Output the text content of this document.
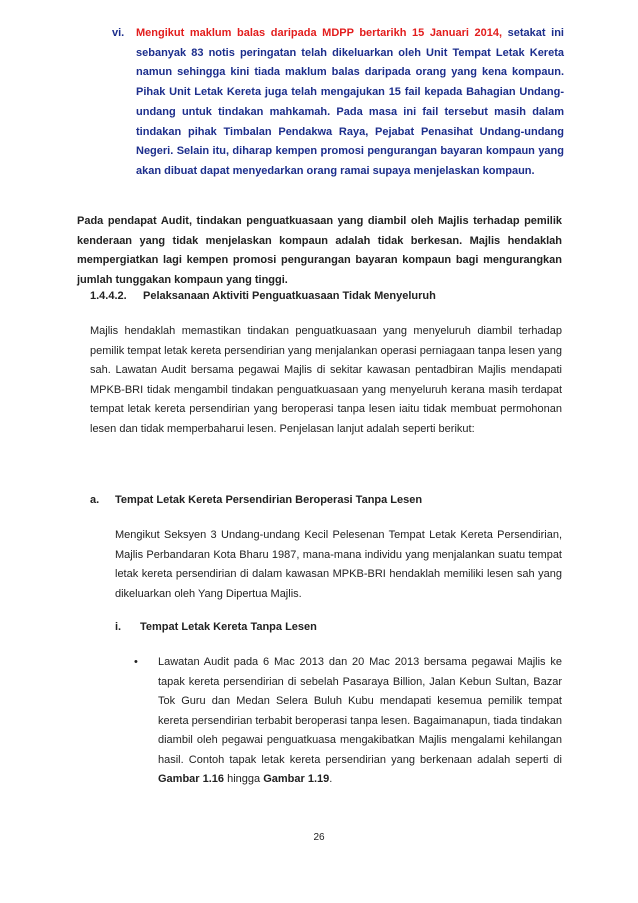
vi. Mengikut maklum balas daripada MDPP bertarikh 15 Januari 2014, setakat ini sebanyak 83 notis peringatan telah dikeluarkan oleh Unit Tempat Letak Kereta namun sehingga kini tiada maklum balas daripada orang yang kena kompaun. Pihak Unit Letak Kereta juga telah mengajukan 15 fail kepada Bahagian Undang-undang untuk tindakan mahkamah. Pada masa ini fail tersebut masih dalam tindakan pihak Timbalan Pendakwa Raya, Pejabat Penasihat Undang-undang Negeri. Selain itu, diharap kempen promosi pengurangan bayaran kompaun yang akan dibuat dapat menyedarkan orang ramai supaya menjelaskan kompaun.

Pada pendapat Audit, tindakan penguatkuasaan yang diambil oleh Majlis terhadap pemilik kenderaan yang tidak menjelaskan kompaun adalah tidak berkesan. Majlis hendaklah mempergiatkan lagi kempen promosi pengurangan bayaran kompaun bagi mengurangkan jumlah tunggakan kompaun yang tinggi.

1.4.4.2. Pelaksanaan Aktiviti Penguatkuasaan Tidak Menyeluruh

Majlis hendaklah memastikan tindakan penguatkuasaan yang menyeluruh diambil terhadap pemilik tempat letak kereta persendirian yang menjalankan operasi perniagaan tanpa lesen yang sah. Lawatan Audit bersama pegawai Majlis di sekitar kawasan pentadbiran Majlis mendapati MPKB-BRI tidak mengambil tindakan penguatkuasaan yang menyeluruh kerana masih terdapat tempat letak kereta persendirian yang beroperasi tanpa lesen iaitu tidak membuat permohonan lesen dan tidak memperbaharui lesen. Penjelasan lanjut adalah seperti berikut:

a. Tempat Letak Kereta Persendirian Beroperasi Tanpa Lesen

Mengikut Seksyen 3 Undang-undang Kecil Pelesenan Tempat Letak Kereta Persendirian, Majlis Perbandaran Kota Bharu 1987, mana-mana individu yang menjalankan suatu tempat letak kereta persendirian di dalam kawasan MPKB-BRI hendaklah memiliki lesen sah yang dikeluarkan oleh Yang Dipertua Majlis.

i. Tempat Letak Kereta Tanpa Lesen
• Lawatan Audit pada 6 Mac 2013 dan 20 Mac 2013 bersama pegawai Majlis ke tapak kereta persendirian di sebelah Pasaraya Billion, Jalan Kebun Sultan, Bazar Tok Guru dan Medan Selera Buluh Kubu mendapati kesemua pemilik tempat kereta persendirian terbabit beroperasi tanpa lesen. Bagaimanapun, tiada tindakan diambil oleh pegawai penguatkuasa mengakibatkan Majlis mengalami kehilangan hasil. Contoh tapak letak kereta persendirian yang berkenaan adalah seperti di Gambar 1.16 hingga Gambar 1.19.

26
